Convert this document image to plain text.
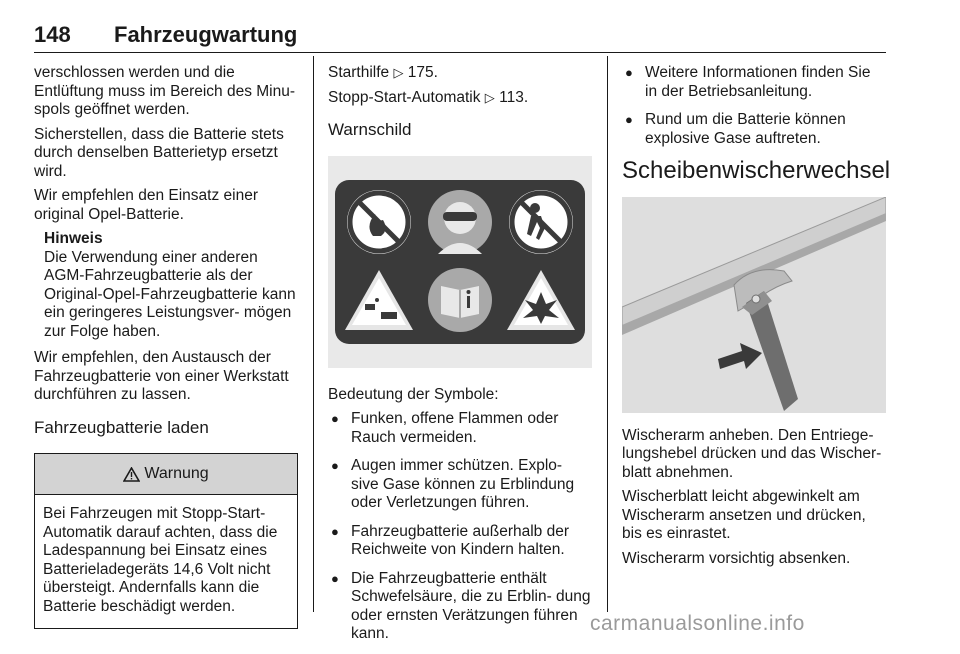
148 Fahrzeugwartung

verschlossen werden und die Entlüftung muss im Bereich des Minu- spols geöffnet werden.

Sicherstellen, dass die Batterie stets durch denselben Batterietyp ersetzt wird.

Wir empfehlen den Einsatz einer original Opel-Batterie.

Hinweis
Die Verwendung einer anderen AGM-Fahrzeugbatterie als der Original-Opel-Fahrzeugbatterie kann ein geringeres Leistungsver- mögen zur Folge haben.

Wir empfehlen, den Austausch der Fahrzeugbatterie von einer Werkstatt durchführen zu lassen.

Fahrzeugbatterie laden
Warnung
Bei Fahrzeugen mit Stopp-Start- Automatik darauf achten, dass die Ladespannung bei Einsatz eines Batterieladegeräts 14,6 Volt nicht übersteigt. Andernfalls kann die Batterie beschädigt werden.

Starthilfe ▷ 175.

Stopp-Start-Automatik ▷ 113.

Warnschild

Bedeutung der Symbole:

● Funken, offene Flammen oder Rauch vermeiden.
● Augen immer schützen. Explo- sive Gase können zu Erblindung oder Verletzungen führen.
● Fahrzeugbatterie außerhalb der Reichweite von Kindern halten.
● Die Fahrzeugbatterie enthält Schwefelsäure, die zu Erblin- dung oder ernsten Verätzungen führen kann.
● Weitere Informationen finden Sie in der Betriebsanleitung.
● Rund um die Batterie können explosive Gase auftreten.
Scheibenwischerwechsel

Wischerarm anheben. Den Entriege- lungshebel drücken und das Wischer- blatt abnehmen.

Wischerblatt leicht abgewinkelt am Wischerarm ansetzen und drücken, bis es einrastet.

Wischerarm vorsichtig absenken.

carmanualsonline.info
